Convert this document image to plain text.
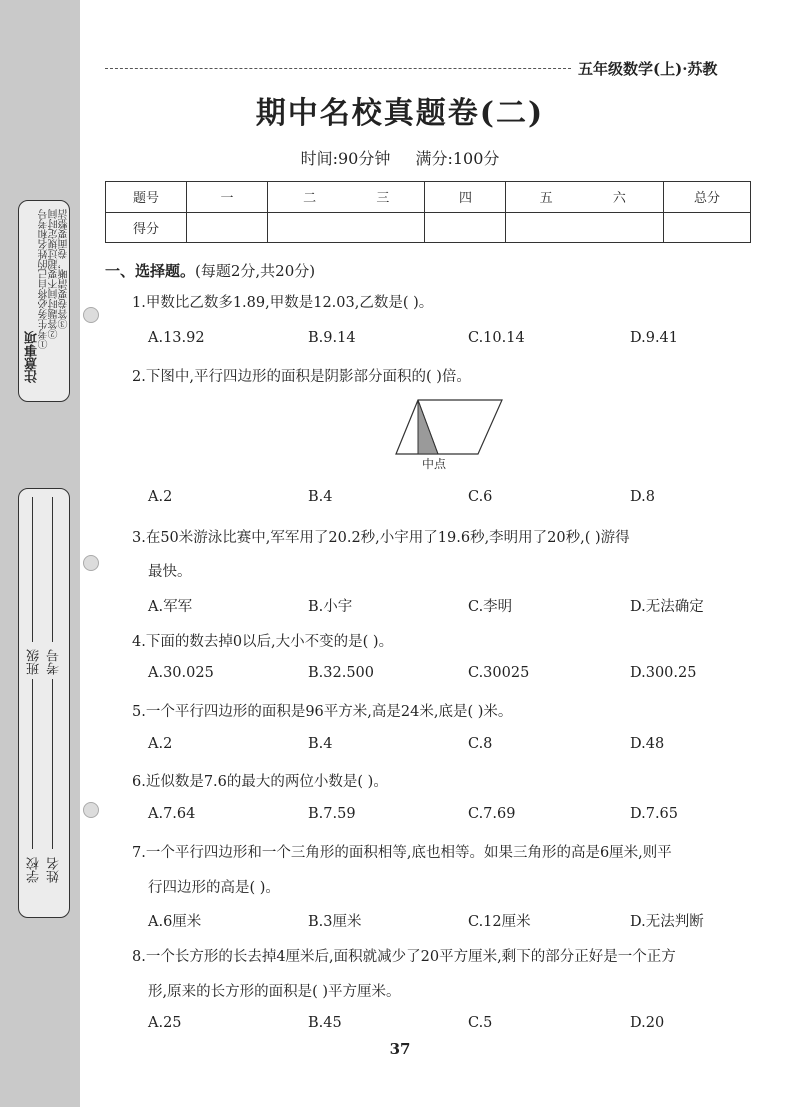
注意事项
①考生务必将自己的姓名和考号 ②答题时间不要超过规定时间 ③答卷要清晰，卷面要整洁
学校 姓名
班级 考号
五年级数学(上)·苏教
期中名校真题卷(二)
时间:90分钟 满分:100分
题号	一	二 三	四	五 六	总分
得分					
一、选择题。(每题2分,共20分)
1.甲数比乙数多1.89,甲数是12.03,乙数是( )。
A.13.92	B.9.14	C.10.14	D.9.41
2.下图中,平行四边形的面积是阴影部分面积的( )倍。
中点
A.2	B.4	C.6	D.8
3.在50米游泳比赛中,军军用了20.2秒,小宇用了19.6秒,李明用了20秒,( )游得
最快。
A.军军	B.小宇	C.李明	D.无法确定
4.下面的数去掉0以后,大小不变的是( )。
A.30.025	B.32.500	C.30025	D.300.25
5.一个平行四边形的面积是96平方米,高是24米,底是( )米。
A.2	B.4	C.8	D.48
6.近似数是7.6的最大的两位小数是( )。
A.7.64	B.7.59	C.7.69	D.7.65
7.一个平行四边形和一个三角形的面积相等,底也相等。如果三角形的高是6厘米,则平
行四边形的高是( )。
A.6厘米	B.3厘米	C.12厘米	D.无法判断
8.一个长方形的长去掉4厘米后,面积就减少了20平方厘米,剩下的部分正好是一个正方
形,原来的长方形的面积是( )平方厘米。
A.25	B.45	C.5	D.20
37
